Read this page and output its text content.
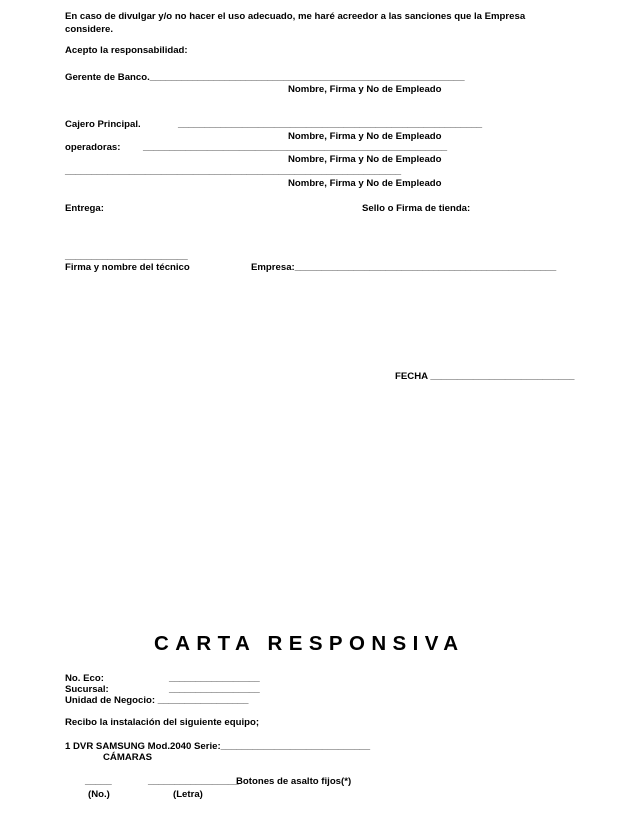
En caso de divulgar y/o no hacer el uso adecuado, me haré acreedor a las sanciones que la Empresa
considere.
Acepto la responsabilidad:
Gerente de Banco.___________________________________________________________
Nombre, Firma y No de Empleado
Cajero Principal.	_________________________________________________________
Nombre, Firma y No de Empleado
operadoras: _________________________________________________________
Nombre, Firma y No de Empleado
_______________________________________________________________
Nombre, Firma y No de Empleado
Entrega:	Sello o Firma de tienda:
_______________________
Firma y nombre del técnico	Empresa:_________________________________________________
FECHA ___________________________
CARTA RESPONSIVA
No. Eco:	_________________
Sucursal:	_________________
Unidad de Negocio: _________________
Recibo la instalación del siguiente equipo;
1 DVR SAMSUNG Mod.2040 Serie:____________________________
CÁMARAS
_____	_________________
Botones de asalto fijos(*)
(No.)	(Letra)
